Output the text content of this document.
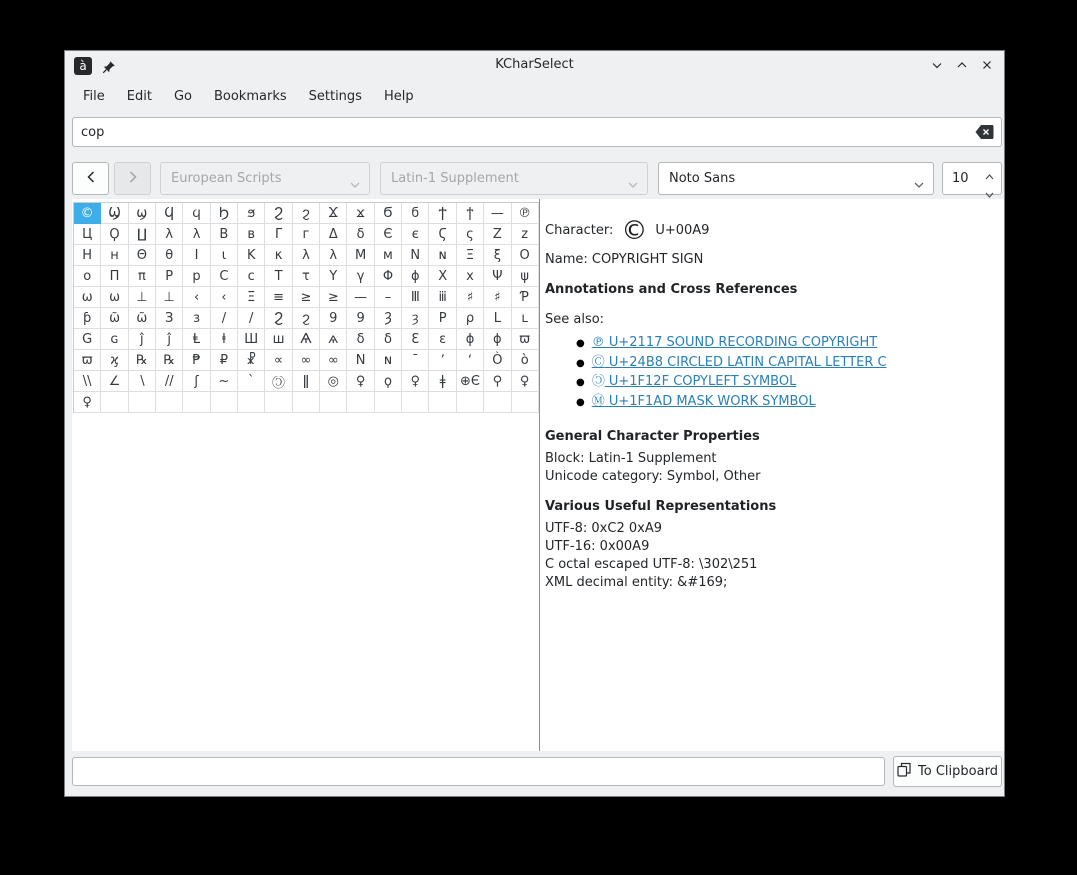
à	KCharSelect
File	Edit	Go	Bookmarks	Settings	Help
cop
European Scripts	Latin-1 Supplement	Noto Sans	10
© Ϣ ϣ Ϥ ϥ Ϧ ϧ Ϩ ϩ Ϫ ϫ Ϭ ϭ Ϯ ϯ — ℗
Ц Ϙ ∐ λ λ Β в Γ г Δ δ Є є Ϛ ς Ζ z
Η н Θ θ Ι ι Κ κ λ λ Μ м Ν ɴ Ξ ξ Ο
ο Π π Ρ p C c Τ τ Υ γ Φ ϕ Χ x Ψ ψ
ω ω ⊥ ⊥ ‹ ‹ Ξ ≡ ≥ ≥ — – Ⅲ ⅲ ♯ ♯ Ƥ
ƥ ῶ ῶ З з / / Ϩ ϩ 9 9 Ȝ ȝ Ρ ρ L ʟ
G ɢ ĵ ĵ Ⱡ ⱡ Ш ш Ѧ ѧ δ δ Ɛ ɛ ϕ ϕ ϖ
ϖ ϗ ℞ ℞ ₱ ₽ ☧ ∝ ∞ ∞ Ν ɴ ˉ ʼ ʻ Ò ò
\\ ∠ ∖ // ʃ ~ ` Ⓒ ǁ ◎ ♀ ϙ ♀ ǂ ⊕Є ⚲ ♀
♀
Character: © U+00A9
Name: COPYRIGHT SIGN
Annotations and Cross References
See also:
● ℗ U+2117 SOUND RECORDING COPYRIGHT
● Ⓒ U+24B8 CIRCLED LATIN CAPITAL LETTER C
● Ⓒ U+1F12F COPYLEFT SYMBOL
● Ⓜ U+1F1AD MASK WORK SYMBOL
General Character Properties
Block: Latin-1 Supplement
Unicode category: Symbol, Other
Various Useful Representations
UTF-8: 0xC2 0xA9
UTF-16: 0x00A9
C octal escaped UTF-8: \302\251
XML decimal entity: &#169;
To Clipboard
